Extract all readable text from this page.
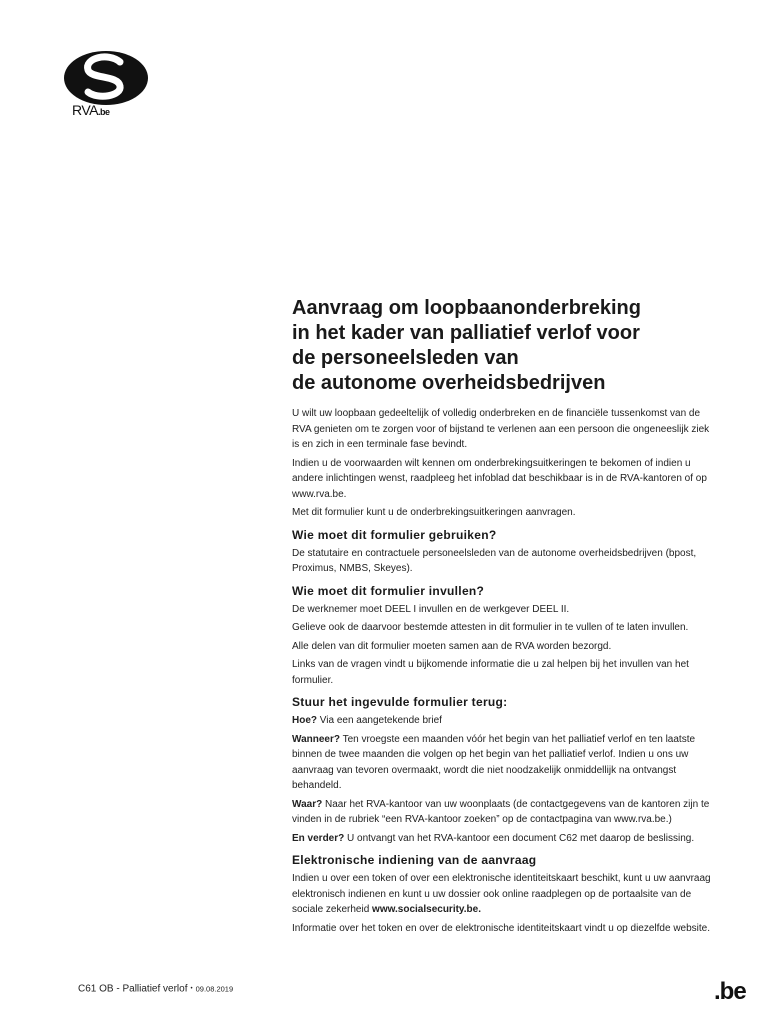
RVA.be
Aanvraag om loopbaanonderbreking
in het kader van palliatief verlof voor
de personeelsleden van
de autonome overheidsbedrijven

U wilt uw loopbaan gedeeltelijk of volledig onderbreken en de financiële tussenkomst van de RVA genieten om te zorgen voor of bijstand te verlenen aan een persoon die ongeneeslijk ziek is en zich in een terminale fase bevindt.

Indien u de voorwaarden wilt kennen om onderbrekingsuitkeringen te bekomen of indien u andere inlichtingen wenst, raadpleeg het infoblad dat beschikbaar is in de RVA-kantoren of op www.rva.be.

Met dit formulier kunt u de onderbrekingsuitkeringen aanvragen.

Wie moet dit formulier gebruiken?

De statutaire en contractuele personeelsleden van de autonome overheidsbedrijven (bpost, Proximus, NMBS, Skeyes).

Wie moet dit formulier invullen?

De werknemer moet DEEL I invullen en de werkgever DEEL II.

Gelieve ook de daarvoor bestemde attesten in dit formulier in te vullen of te laten invullen.

Alle delen van dit formulier moeten samen aan de RVA worden bezorgd.

Links van de vragen vindt u bijkomende informatie die u zal helpen bij het invullen van het formulier.

Stuur het ingevulde formulier terug:

Hoe? Via een aangetekende brief

Wanneer? Ten vroegste een maanden vóór het begin van het palliatief verlof en ten laatste binnen de twee maanden die volgen op het begin van het palliatief verlof. Indien u ons uw aanvraag van tevoren overmaakt, wordt die niet noodzakelijk onmiddellijk na ontvangst behandeld.

Waar? Naar het RVA-kantoor van uw woonplaats (de contactgegevens van de kantoren zijn te vinden in de rubriek “een RVA-kantoor zoeken” op de contactpagina van www.rva.be.)

En verder? U ontvangt van het RVA-kantoor een document C62 met daarop de beslissing.

Elektronische indiening van de aanvraag

Indien u over een token of over een elektronische identiteitskaart beschikt, kunt u uw aanvraag elektronisch indienen en kunt u uw dossier ook online raadplegen op de portaalsite van de sociale zekerheid www.socialsecurity.be.

Informatie over het token en over de elektronische identiteitskaart vindt u op diezelfde website.

C61 OB - Palliatief verlof • 09.08.2019	.be
